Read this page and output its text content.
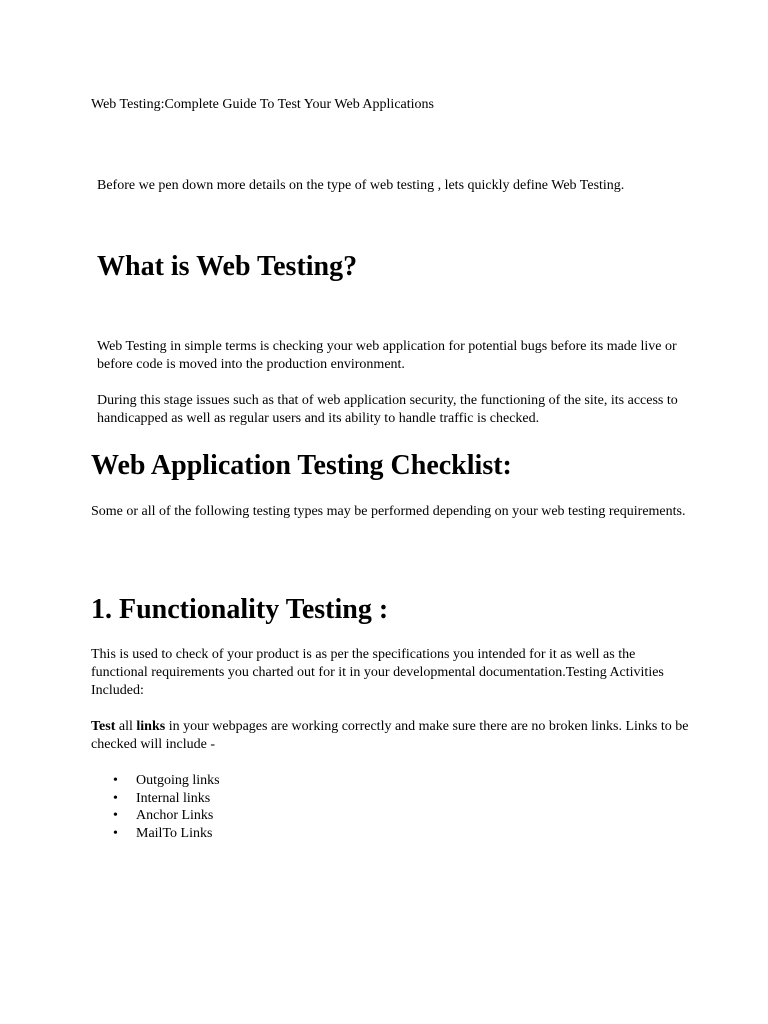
Web Testing:Complete Guide To Test Your Web Applications

Before we pen down more details on the type of web testing , lets quickly define Web Testing.

What is Web Testing?

Web Testing in simple terms is checking your web application for potential bugs before its made live or before code is moved into the production environment.

During this stage issues such as that of web application security, the functioning of the site, its access to handicapped as well as regular users and its ability to handle traffic is checked.

Web Application Testing Checklist:

Some or all of the following testing types may be performed depending on your web testing requirements.

1. Functionality Testing :

This is used to check of your product is as per the specifications you intended for it as well as the functional requirements you charted out for it in your developmental documentation.Testing Activities Included:

Test all links in your webpages are working correctly and make sure there are no broken links. Links to be checked will include -

• Outgoing links
• Internal links
• Anchor Links
• MailTo Links
